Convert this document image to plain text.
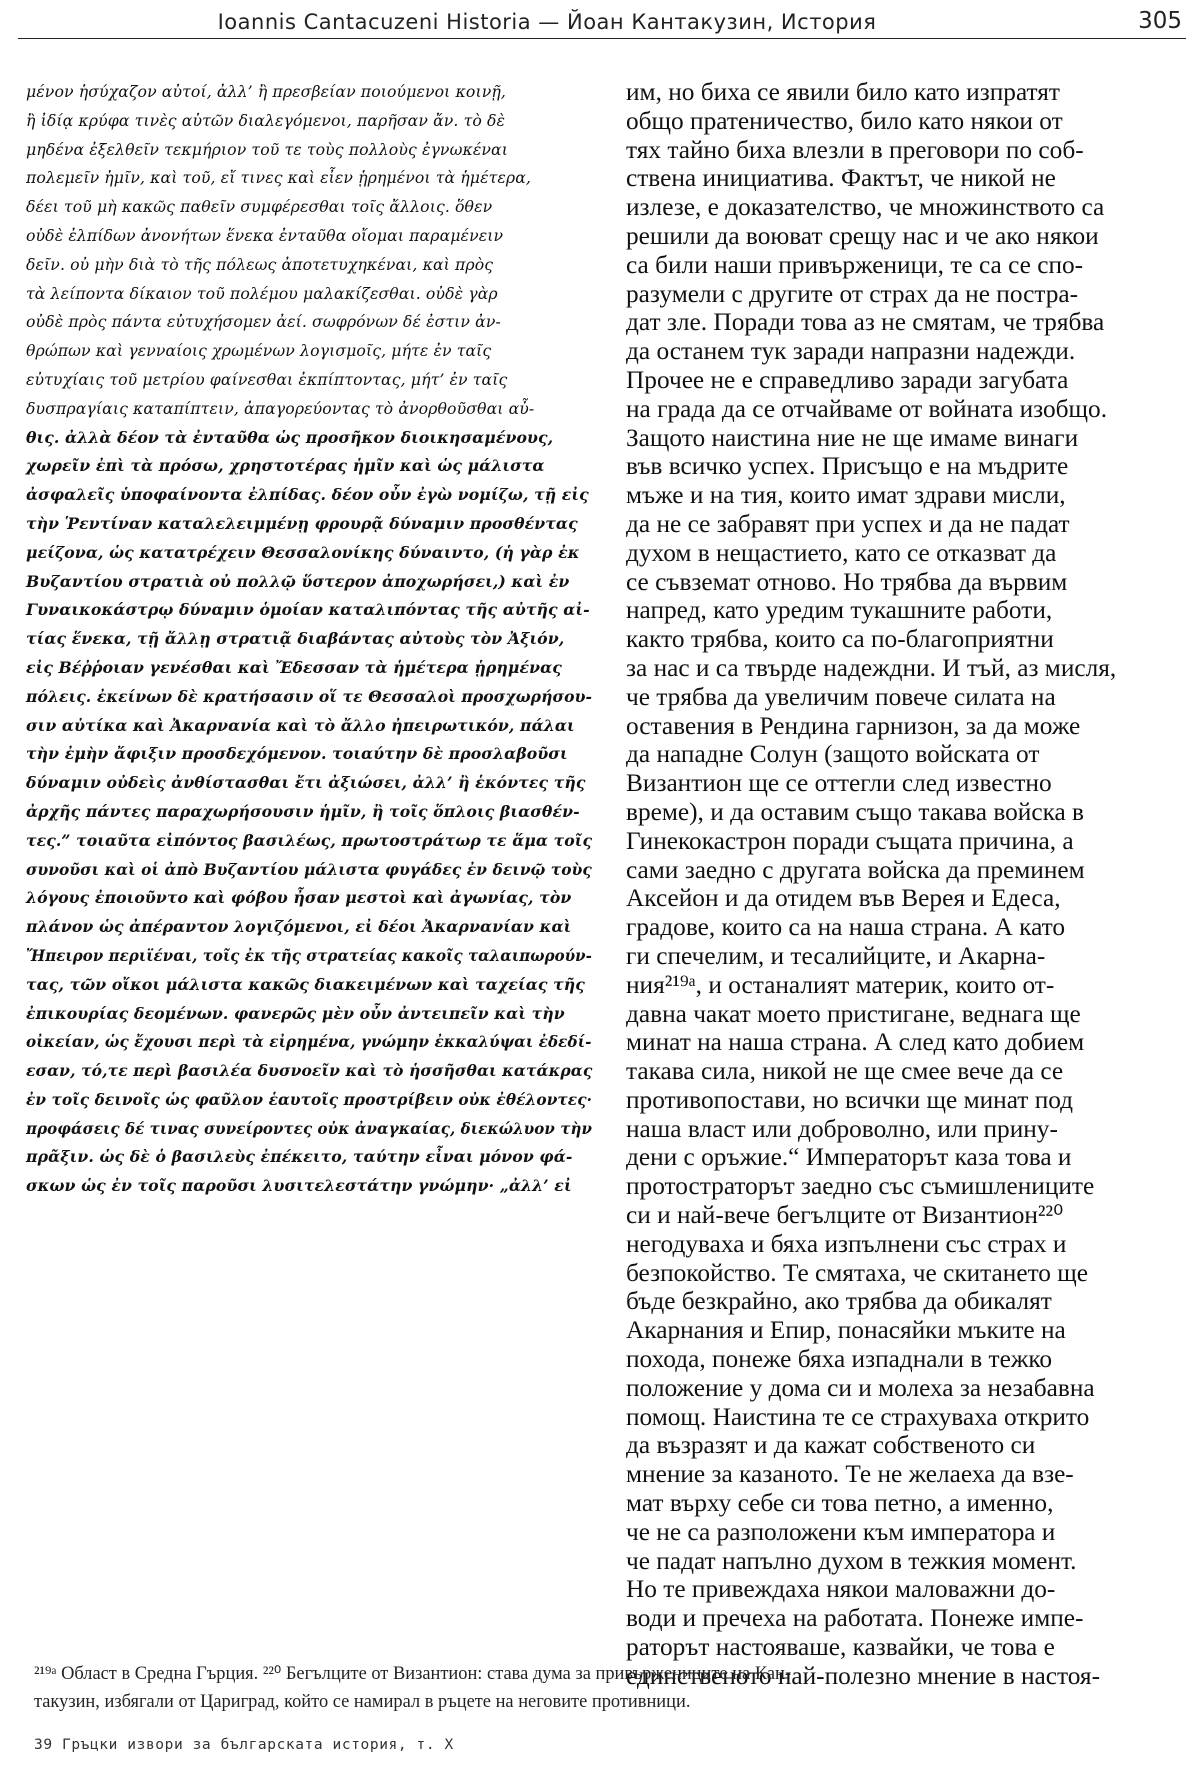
Ioannis Cantacuzeni Historia — Йоан Кантакузин, История	305
μένον ἡσύχαζον αὐτοί, ἀλλ’ ἢ πρεσβείαν ποιούμενοι κοινῇ,
ἢ ἰδίᾳ κρύφα τινὲς αὐτῶν διαλεγόμενοι, παρῆσαν ἄν. τὸ δὲ
μηδένα ἐξελθεῖν τεκμήριον τοῦ τε τοὺς πολλοὺς ἐγνωκέναι
πολεμεῖν ἡμῖν, καὶ τοῦ, εἴ τινες καὶ εἶεν ᾑρημένοι τὰ ἡμέτερα,
δέει τοῦ μὴ κακῶς παθεῖν συμφέρεσθαι τοῖς ἄλλοις. ὅθεν
οὐδὲ ἐλπίδων ἀνονήτων ἕνεκα ἐνταῦθα οἴομαι παραμένειν
δεῖν. οὐ μὴν διὰ τὸ τῆς πόλεως ἀποτετυχηκέναι, καὶ πρὸς
τὰ λείποντα δίκαιον τοῦ πολέμου μαλακίζεσθαι. οὐδὲ γὰρ
οὐδὲ πρὸς πάντα εὐτυχήσομεν ἀεί. σωφρόνων δέ ἐστιν ἀν-
θρώπων καὶ γενναίοις χρωμένων λογισμοῖς, μήτε ἐν ταῖς
εὐτυχίαις τοῦ μετρίου φαίνεσθαι ἐκπίπτοντας, μήτ’ ἐν ταῖς
δυσπραγίαις καταπίπτειν, ἀπαγορεύοντας τὸ ἀνορθοῦσθαι αὖ-
θις. ἀλλὰ δέον τὰ ἐνταῦθα ὡς προσῆκον διοικησαμένους,
χωρεῖν ἐπὶ τὰ πρόσω, χρηστοτέρας ἡμῖν καὶ ὡς μάλιστα
ἀσφαλεῖς ὑποφαίνοντα ἐλπίδας. δέον οὖν ἐγὼ νομίζω, τῇ εἰς
τὴν Ῥεντίναν καταλελειμμένῃ φρουρᾷ δύναμιν προσθέντας
μείζονα, ὡς κατατρέχειν Θεσσαλονίκης δύναιντο, (ἡ γὰρ ἐκ
Βυζαντίου στρατιὰ οὐ πολλῷ ὕστερον ἀποχωρήσει,) καὶ ἐν
Γυναικοκάστρῳ δύναμιν ὁμοίαν καταλιπόντας τῆς αὐτῆς αἰ-
τίας ἕνεκα, τῇ ἄλλῃ στρατιᾷ διαβάντας αὐτοὺς τὸν Ἀξιόν,
εἰς Βέῤῥοιαν γενέσθαι καὶ Ἔδεσσαν τὰ ἡμέτερα ᾑρημένας
πόλεις. ἐκείνων δὲ κρατήσασιν οἵ τε Θεσσαλοὶ προσχωρήσου-
σιν αὐτίκα καὶ Ἀκαρνανία καὶ τὸ ἄλλο ἠπειρωτικόν, πάλαι
τὴν ἐμὴν ἄφιξιν προσδεχόμενον. τοιαύτην δὲ προσλαβοῦσι
δύναμιν οὐδεὶς ἀνθίστασθαι ἔτι ἀξιώσει, ἀλλ’ ἢ ἑκόντες τῆς
ἀρχῆς πάντες παραχωρήσουσιν ἡμῖν, ἢ τοῖς ὅπλοις βιασθέν-
τες.” τοιαῦτα εἰπόντος βασιλέως, πρωτοστράτωρ τε ἅμα τοῖς
συνοῦσι καὶ οἱ ἀπὸ Βυζαντίου μάλιστα φυγάδες ἐν δεινῷ τοὺς
λόγους ἐποιοῦντο καὶ φόβου ἦσαν μεστοὶ καὶ ἀγωνίας, τὸν
πλάνον ὡς ἀπέραντον λογιζόμενοι, εἰ δέοι Ἀκαρνανίαν καὶ
Ἤπειρον περιϊέναι, τοῖς ἐκ τῆς στρατείας κακοῖς ταλαιπωρούν-
τας, τῶν οἴκοι μάλιστα κακῶς διακειμένων καὶ ταχείας τῆς
ἐπικουρίας δεομένων. φανερῶς μὲν οὖν ἀντειπεῖν καὶ τὴν
οἰκείαν, ὡς ἔχουσι περὶ τὰ εἰρημένα, γνώμην ἐκκαλύψαι ἐδεδί-
εσαν, τό,τε περὶ βασιλέα δυσνοεῖν καὶ τὸ ἡσσῆσθαι κατάκρας
ἐν τοῖς δεινοῖς ὡς φαῦλον ἑαυτοῖς προστρίβειν οὐκ ἐθέλοντες·
προφάσεις δέ τινας συνείροντες οὐκ ἀναγκαίας, διεκώλυον τὴν
πρᾶξιν. ὡς δὲ ὁ βασιλεὺς ἐπέκειτο, ταύτην εἶναι μόνον φά-
σκων ὡς ἐν τοῖς παροῦσι λυσιτελεστάτην γνώμην· „ἀλλ’ εἰ
им, но биха се явили било като изпратят
общо пратеничество, било като някои от
тях тайно биха влезли в преговори по соб-
ствена инициатива. Фактът, че никой не
излезе, е доказателство, че множинството са
решили да воюват срещу нас и че ако някои
са били наши привърженици, те са се спо-
разумели с другите от страх да не постра-
дат зле. Поради това аз не смятам, че трябва
да останем тук заради напразни надежди.
Прочее не е справедливо заради загубата
на града да се отчайваме от войната изобщо.
Защото наистина ние не ще имаме винаги
във всичко успех. Присъщо е на мъдрите
мъже и на тия, които имат здрави мисли,
да не се забравят при успех и да не падат
духом в нещастието, като се отказват да
се съвземат отново. Но трябва да вървим
напред, като уредим тукашните работи,
както трябва, които са по-благоприятни
за нас и са твърде надеждни. И тъй, аз мисля,
че трябва да увеличим повече силата на
оставения в Рендина гарнизон, за да може
да нападне Солун (защото войската от
Византион ще се оттегли след известно
време), и да оставим също такава войска в
Гинекокастрон поради същата причина, а
сами заедно с другата войска да преминем
Аксейон и да отидем във Верея и Едеса,
градове, които са на наша страна. А като
ги спечелим, и тесалийците, и Акарна-
ния²¹⁹ᵃ, и останалият материк, които от-
давна чакат моето пристигане, веднага ще
минат на наша страна. А след като добием
такава сила, никой не ще смее вече да се
противопостави, но всички ще минат под
наша власт или доброволно, или прину-
дени с оръжие.“ Императорът каза това и
протостраторът заедно със съмишлениците
си и най-вече бегълците от Византион²²⁰
негодуваха и бяха изпълнени със страх и
безпокойство. Те смятаха, че скитането ще
бъде безкрайно, ако трябва да обикалят
Акарнания и Епир, понасяйки мъките на
похода, понеже бяха изпаднали в тежко
положение у дома си и молеха за незабавна
помощ. Наистина те се страхуваха открито
да възразят и да кажат собственото си
мнение за казаното. Те не желаеха да взе-
мат върху себе си това петно, а именно,
че не са разположени към императора и
че падат напълно духом в тежкия момент.
Но те привеждаха някои маловажни до-
води и пречеха на работата. Понеже импе-
раторът настояваше, казвайки, че това е
единственото най-полезно мнение в настоя-
²¹⁹ᵃ Област в Средна Гърция. ²²⁰ Бегълците от Византион: става дума за привържениците на Кан-
такузин, избягали от Цариград, който се намирал в ръцете на неговите противници.
39 Гръцки извори за българската история, т. X
